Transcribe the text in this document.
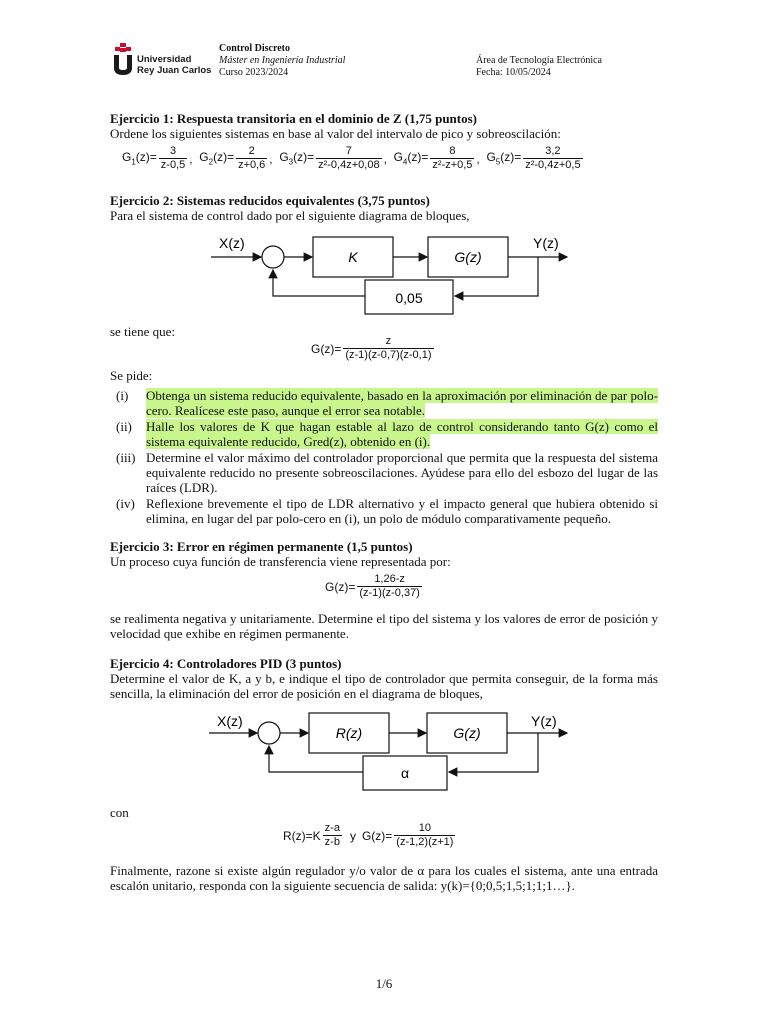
Universidad
Rey Juan Carlos
Control Discreto
Máster en Ingeniería Industrial
Curso 2023/2024
Área de Tecnología Electrónica
Fecha: 10/05/2024
Ejercicio 1: Respuesta transitoria en el dominio de Z (1,75 puntos)
Ordene los siguientes sistemas en base al valor del intervalo de pico y sobreoscilación:
$G_1(z)= \frac{3}{z-0,5}$ , $G_2(z)= \frac{2}{z+0,6}$ , $G_3(z)= \frac{7}{\text{z²-0,4z+0,08}}$ , $G_4(z)= \frac{8}{\text{z²-z+0,5}}$ , $G_5(z)= \frac{3,2}{\text{z²-0,4z+0,5}}$
Ejercicio 2: Sistemas reducidos equivalentes (3,75 puntos)
Para el sistema de control dado por el siguiente diagrama de bloques,
X(z)
K	G(z)
Y(z)
0,05
se tiene que:
$G(z)= \frac{z}{(z-1)(z-0,7)(z-0,1)}$
Se pide:
(i)	Obtenga un sistema reducido equivalente, basado en la aproximación por eliminación de par polo-cero. Realícese este paso, aunque el error sea notable.
(ii)	Halle los valores de K que hagan estable al lazo de control considerando tanto G(z) como el sistema equivalente reducido, Gred(z), obtenido en (i).
(iii) Determine el valor máximo del controlador proporcional que permita que la respuesta del sistema equivalente reducido no presente sobreoscilaciones. Ayúdese para ello del esbozo del lugar de las raíces (LDR).
(iv) Reflexione brevemente el tipo de LDR alternativo y el impacto general que hubiera obtenido si elimina, en lugar del par polo-cero en (i), un polo de módulo comparativamente pequeño.
Ejercicio 3: Error en régimen permanente (1,5 puntos)
Un proceso cuya función de transferencia viene representada por:
$G(z)= \frac{1,26-z}{(z-1)(z-0,37)}$
se realimenta negativa y unitariamente. Determine el tipo del sistema y los valores de error de posición y velocidad que exhibe en régimen permanente.
Ejercicio 4: Controladores PID (3 puntos)
Determine el valor de K, a y b, e indique el tipo de controlador que permita conseguir, de la forma más sencilla, la eliminación del error de posición en el diagrama de bloques,
X(z)
R(z)	G(z)
Y(z)
α
con
$R(z)=K \frac{z-a}{z-b}$ y $G(z)= \frac{10}{(z-1,2)(z+1)}$
Finalmente, razone si existe algún regulador y/o valor de α para los cuales el sistema, ante una entrada escalón unitario, responda con la siguiente secuencia de salida: y(k)={0;0,5;1,5;1;1;1…}.
1/6
